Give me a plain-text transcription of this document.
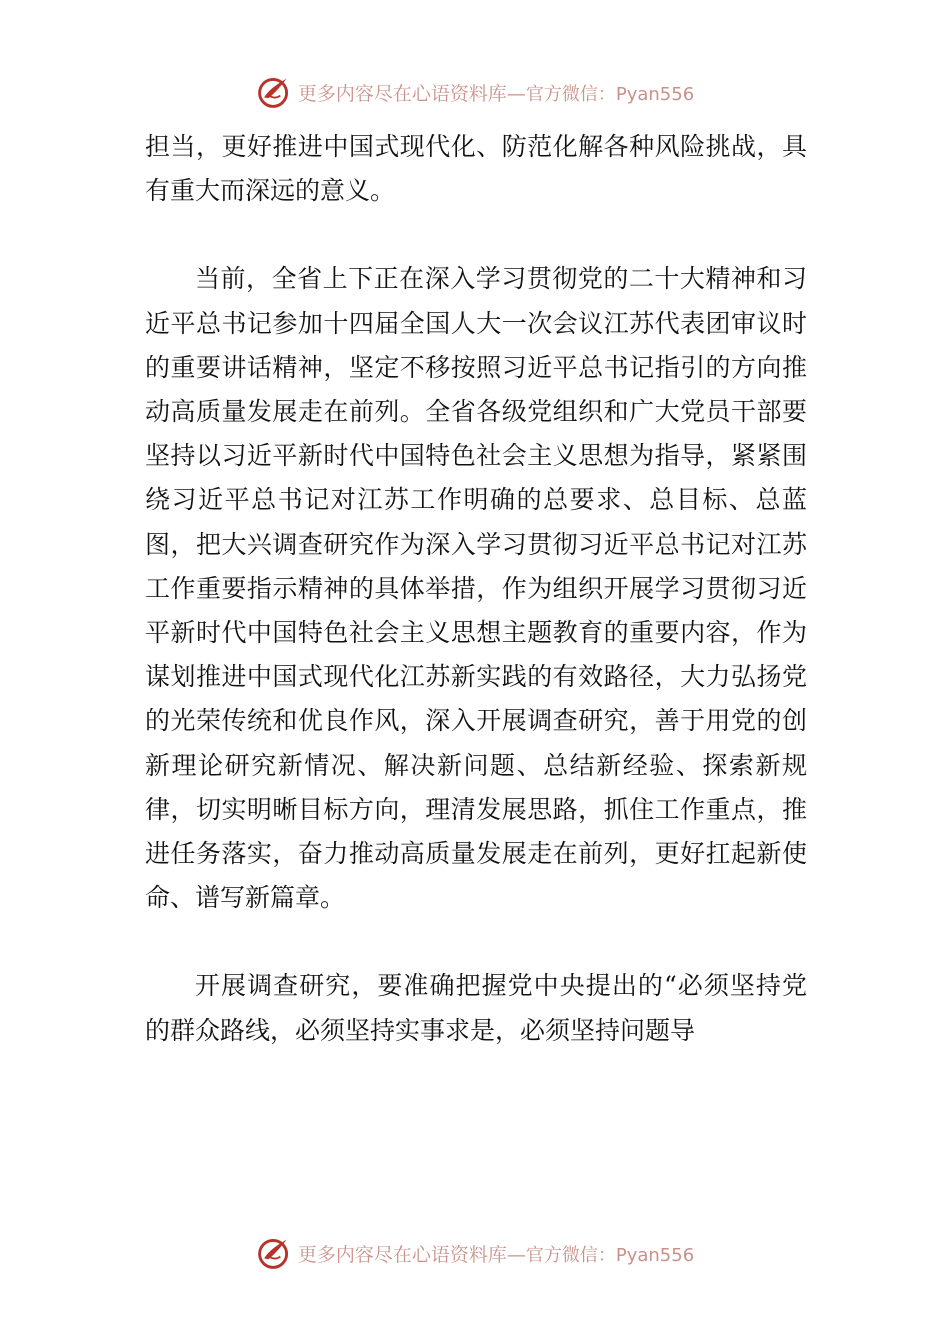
更多内容尽在心语资料库—官方微信：Pyan556

担当，更好推进中国式现代化、防范化解各种风险挑战，具有重大而深远的意义。

当前，全省上下正在深入学习贯彻党的二十大精神和习近平总书记参加十四届全国人大一次会议江苏代表团审议时的重要讲话精神，坚定不移按照习近平总书记指引的方向推动高质量发展走在前列。全省各级党组织和广大党员干部要坚持以习近平新时代中国特色社会主义思想为指导，紧紧围绕习近平总书记对江苏工作明确的总要求、总目标、总蓝图，把大兴调查研究作为深入学习贯彻习近平总书记对江苏工作重要指示精神的具体举措，作为组织开展学习贯彻习近平新时代中国特色社会主义思想主题教育的重要内容，作为谋划推进中国式现代化江苏新实践的有效路径，大力弘扬党的光荣传统和优良作风，深入开展调查研究，善于用党的创新理论研究新情况、解决新问题、总结新经验、探索新规律，切实明晰目标方向，理清发展思路，抓住工作重点，推进任务落实，奋力推动高质量发展走在前列，更好扛起新使命、谱写新篇章。

开展调查研究，要准确把握党中央提出的“必须坚持党的群众路线，必须坚持实事求是，必须坚持问题导

更多内容尽在心语资料库—官方微信：Pyan556
